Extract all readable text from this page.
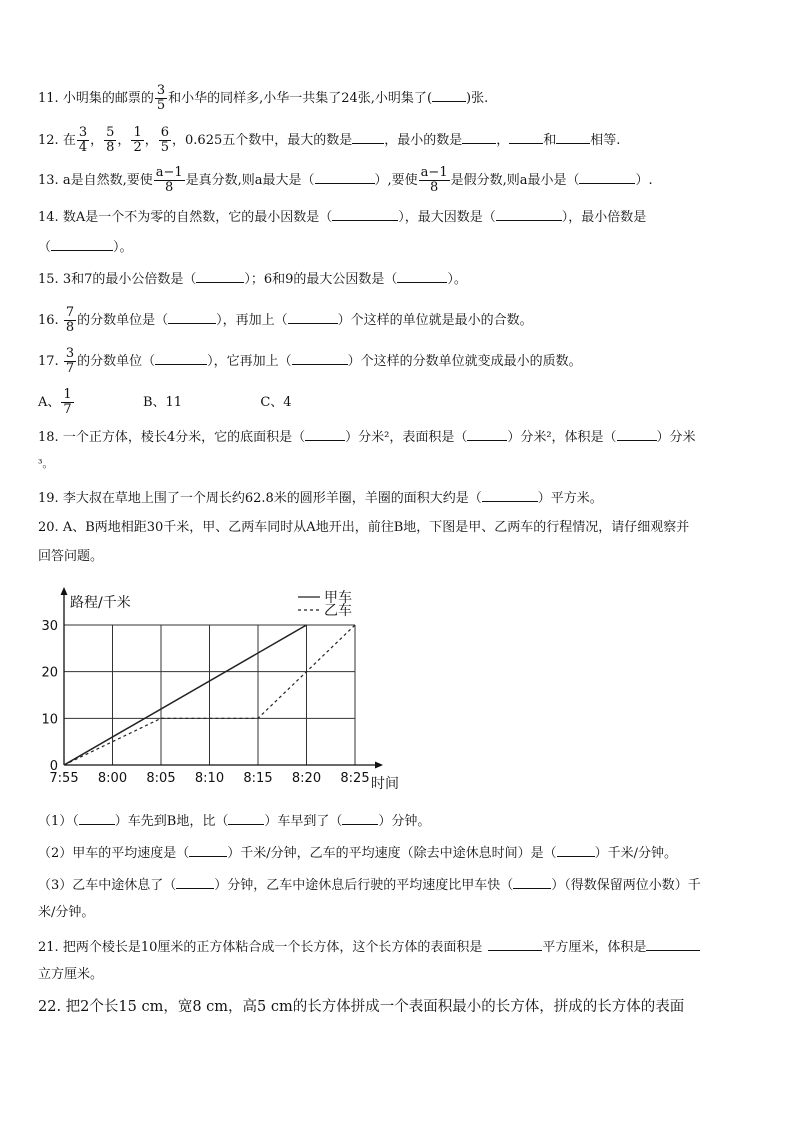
11. 小明集的邮票的 $\frac{3}{5}$ 和小华的同样多,小华一共集了24张,小明集了(	)张.
12. 在 $\frac{3}{4}$ ， $\frac{5}{8}$ ， $\frac{1}{2}$ ， $\frac{6}{5}$ ，0.625五个数中，最大的数是 ，最小的数是	，	和	相等.
13. a是自然数,要使 $\frac{a-1}{8}$ 是真分数,则a最大是（	）,要使 $\frac{a-1}{8}$ 是假分数,则a最小是（	）.
14. 数A是一个不为零的自然数，它的最小因数是（	），最大因数是（	），最小倍数是
（	）。
15. 3和7的最小公倍数是（	）；6和9的最大公因数是（	）。
16. $\frac{7}{8}$ 的分数单位是（	），再加上（	）个这样的单位就是最小的合数。
17. $\frac{3}{7}$ 的分数单位（	），它再加上（	）个这样的分数单位就变成最小的质数。
A、 $\frac{1}{7}$	B、11	C、4
18. 一个正方体，棱长4分米，它的底面积是（	）分米²，表面积是（	）分米²，体积是（	）分米
³。
19. 李大叔在草地上围了一个周长约62.8米的圆形羊圈，羊圈的面积大约是（	）平方米。
20. A、B两地相距30千米，甲、乙两车同时从A地开出，前往B地，下图是甲、乙两车的行程情况，请仔细观察并
回答问题。
7:55 8:00 8:05 8:10 8:15 8:20 8:25
0
10
20
30
路程/千米
时间
甲车
乙车
（1）（	）车先到B地，比（	）车早到了（	）分钟。
（2）甲车的平均速度是（	）千米/分钟，乙车的平均速度（除去中途休息时间）是（	）千米/分钟。
（3）乙车中途休息了（	）分钟，乙车中途休息后行驶的平均速度比甲车快（	）（得数保留两位小数）千
米/分钟。
21. 把两个棱长是10厘米的正方体粘合成一个长方体，这个长方体的表面积是	平方厘米，体积是
立方厘米。
22. 把2个长15 cm，宽8 cm，高5 cm的长方体拼成一个表面积最小的长方体，拼成的长方体的表面
